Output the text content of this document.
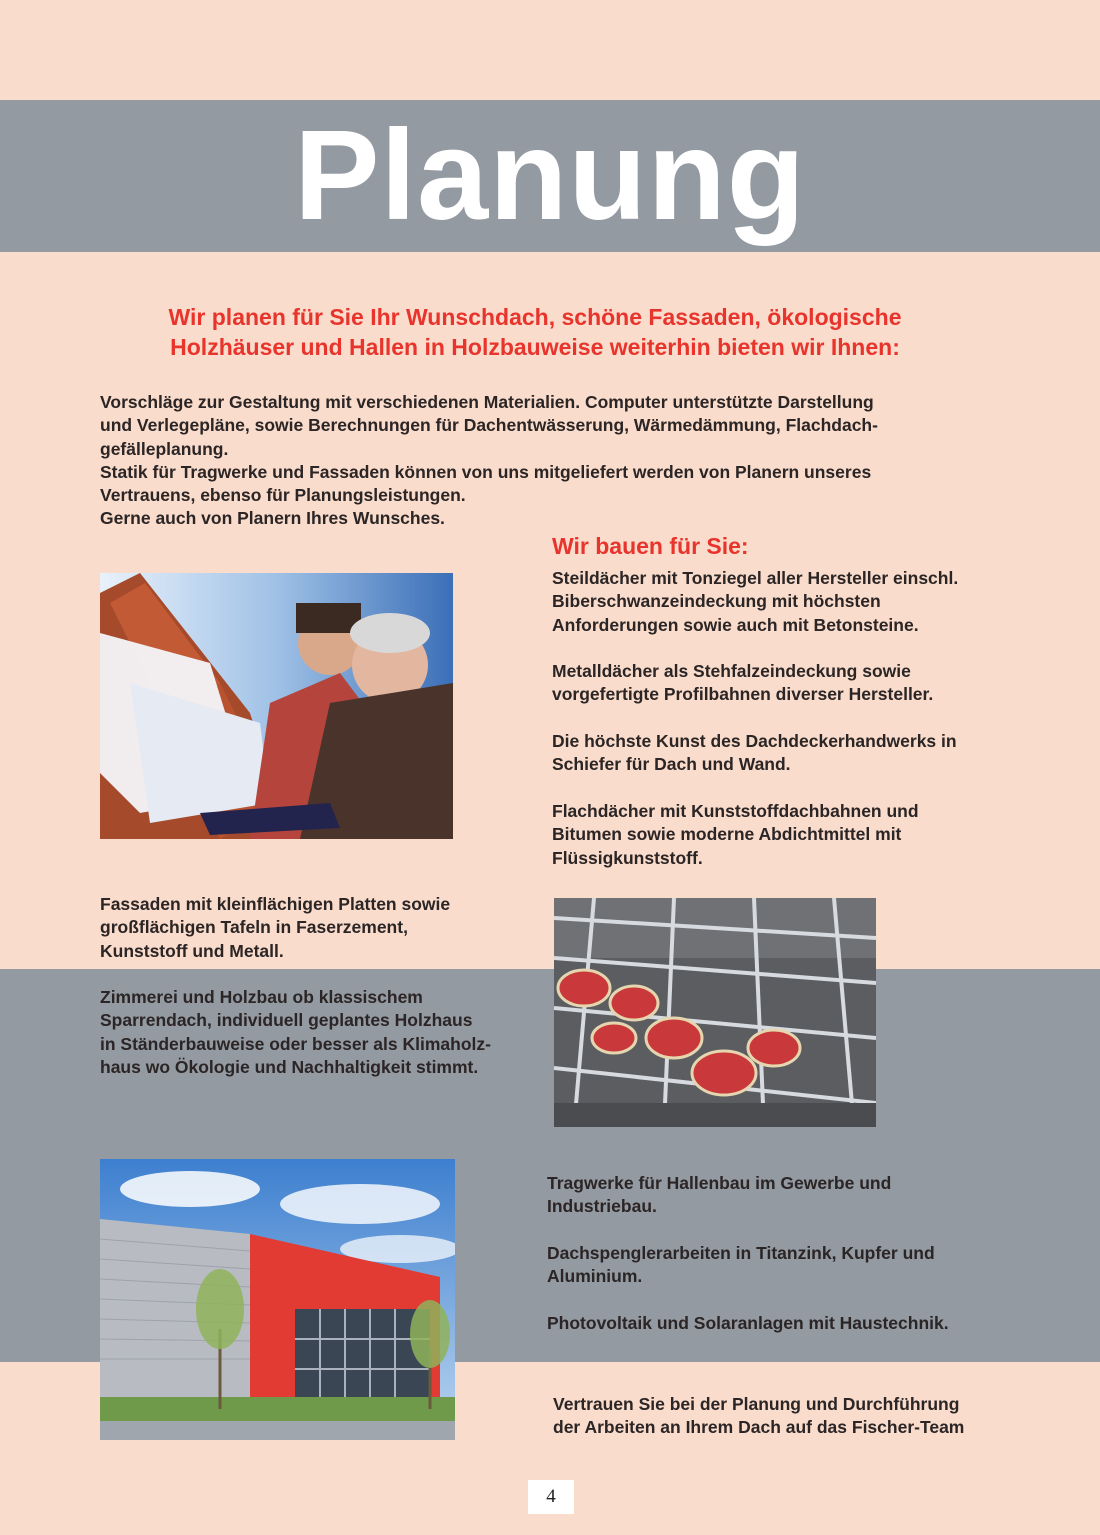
Planung
Wir planen für Sie Ihr Wunschdach, schöne Fassaden, ökologische
Holzhäuser und Hallen in Holzbauweise weiterhin bieten wir Ihnen:

Vorschläge zur Gestaltung mit verschiedenen Materialien. Computer unterstützte Darstellung

und Verlegepläne, sowie Berechnungen für Dachentwässerung, Wärmedämmung, Flachdach-

gefälleplanung.

Statik für Tragwerke und Fassaden können von uns mitgeliefert werden von Planern unseres

Vertrauens, ebenso für Planungsleistungen.

Gerne auch von Planern Ihres Wunsches.

Wir bauen für Sie:

Steildächer mit Tonziegel aller Hersteller einschl.

Biberschwanzeindeckung mit höchsten

Anforderungen sowie auch mit Betonsteine.

Metalldächer als Stehfalzeindeckung sowie

vorgefertigte Profilbahnen diverser Hersteller.

Die höchste Kunst des Dachdeckerhandwerks in

Schiefer für Dach und Wand.

Flachdächer mit Kunststoffdachbahnen und

Bitumen sowie moderne Abdichtmittel mit

Flüssigkunststoff.

Fassaden mit kleinflächigen Platten sowie

großflächigen Tafeln in Faserzement,

Kunststoff und Metall.

Zimmerei und Holzbau ob klassischem

Sparrendach, individuell geplantes Holzhaus

in Ständerbauweise oder besser als Klimaholz-

haus wo Ökologie und Nachhaltigkeit stimmt.

Tragwerke für Hallenbau im Gewerbe und

Industriebau.

Dachspenglerarbeiten in Titanzink, Kupfer und

Aluminium.

Photovoltaik und Solaranlagen mit Haustechnik.

Vertrauen Sie bei der Planung und Durchführung

der Arbeiten an Ihrem Dach auf das Fischer-Team

4
